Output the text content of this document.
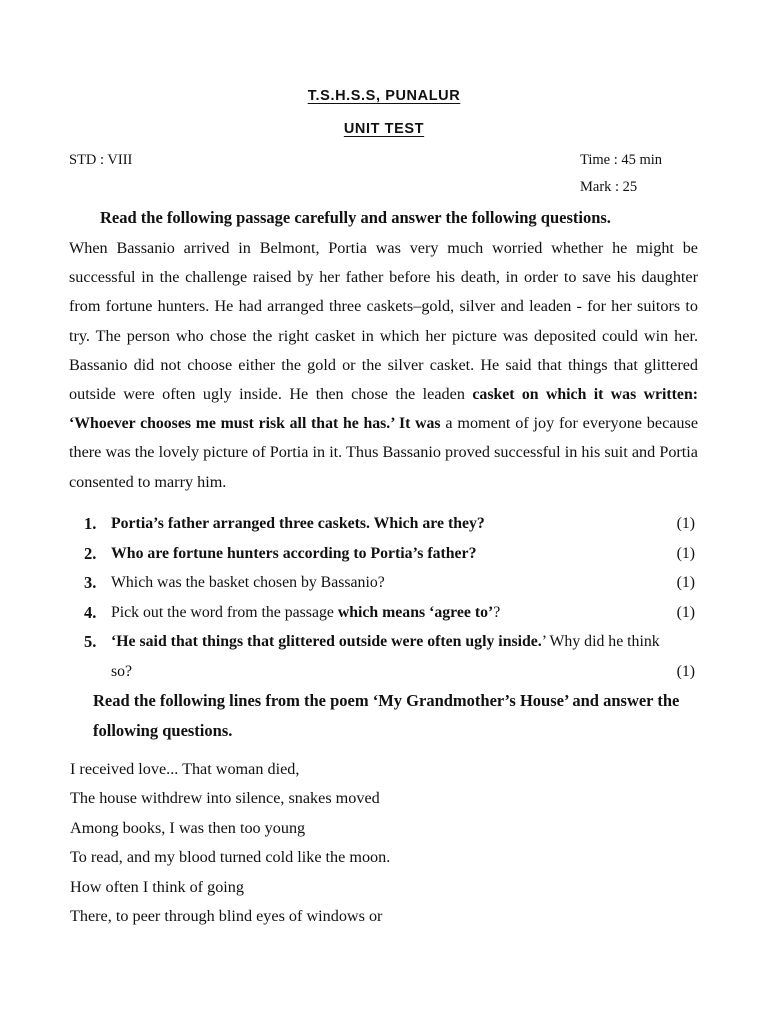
T.S.H.S.S, PUNALUR
UNIT TEST
STD : VIII	Time : 45 min
Mark : 25
Read the following passage carefully and answer the following questions.
When Bassanio arrived in Belmont, Portia was very much worried whether he might be successful in the challenge raised by her father before his death, in order to save his daughter from fortune hunters. He had arranged three caskets–gold, silver and leaden - for her suitors to try. The person who chose the right casket in which her picture was deposited could win her. Bassanio did not choose either the gold or the silver casket. He said that things that glittered outside were often ugly inside. He then chose the leaden casket on which it was written: ‘Whoever chooses me must risk all that he has.’ It was a moment of joy for everyone because there was the lovely picture of Portia in it. Thus Bassanio proved successful in his suit and Portia consented to marry him.
1. Portia’s father arranged three caskets. Which are they?	(1)
2. Who are fortune hunters according to Portia’s father?	(1)
3. Which was the basket chosen by Bassanio?	(1)
4. Pick out the word from the passage which means ‘agree to’?	(1)
5. ‘He said that things that glittered outside were often ugly inside.’ Why did he think
so?	(1)
Read the following lines from the poem ‘My Grandmother’s House’ and answer the following questions.
I received love... That woman died,
The house withdrew into silence, snakes moved
Among books, I was then too young
To read, and my blood turned cold like the moon.
How often I think of going
There, to peer through blind eyes of windows or
